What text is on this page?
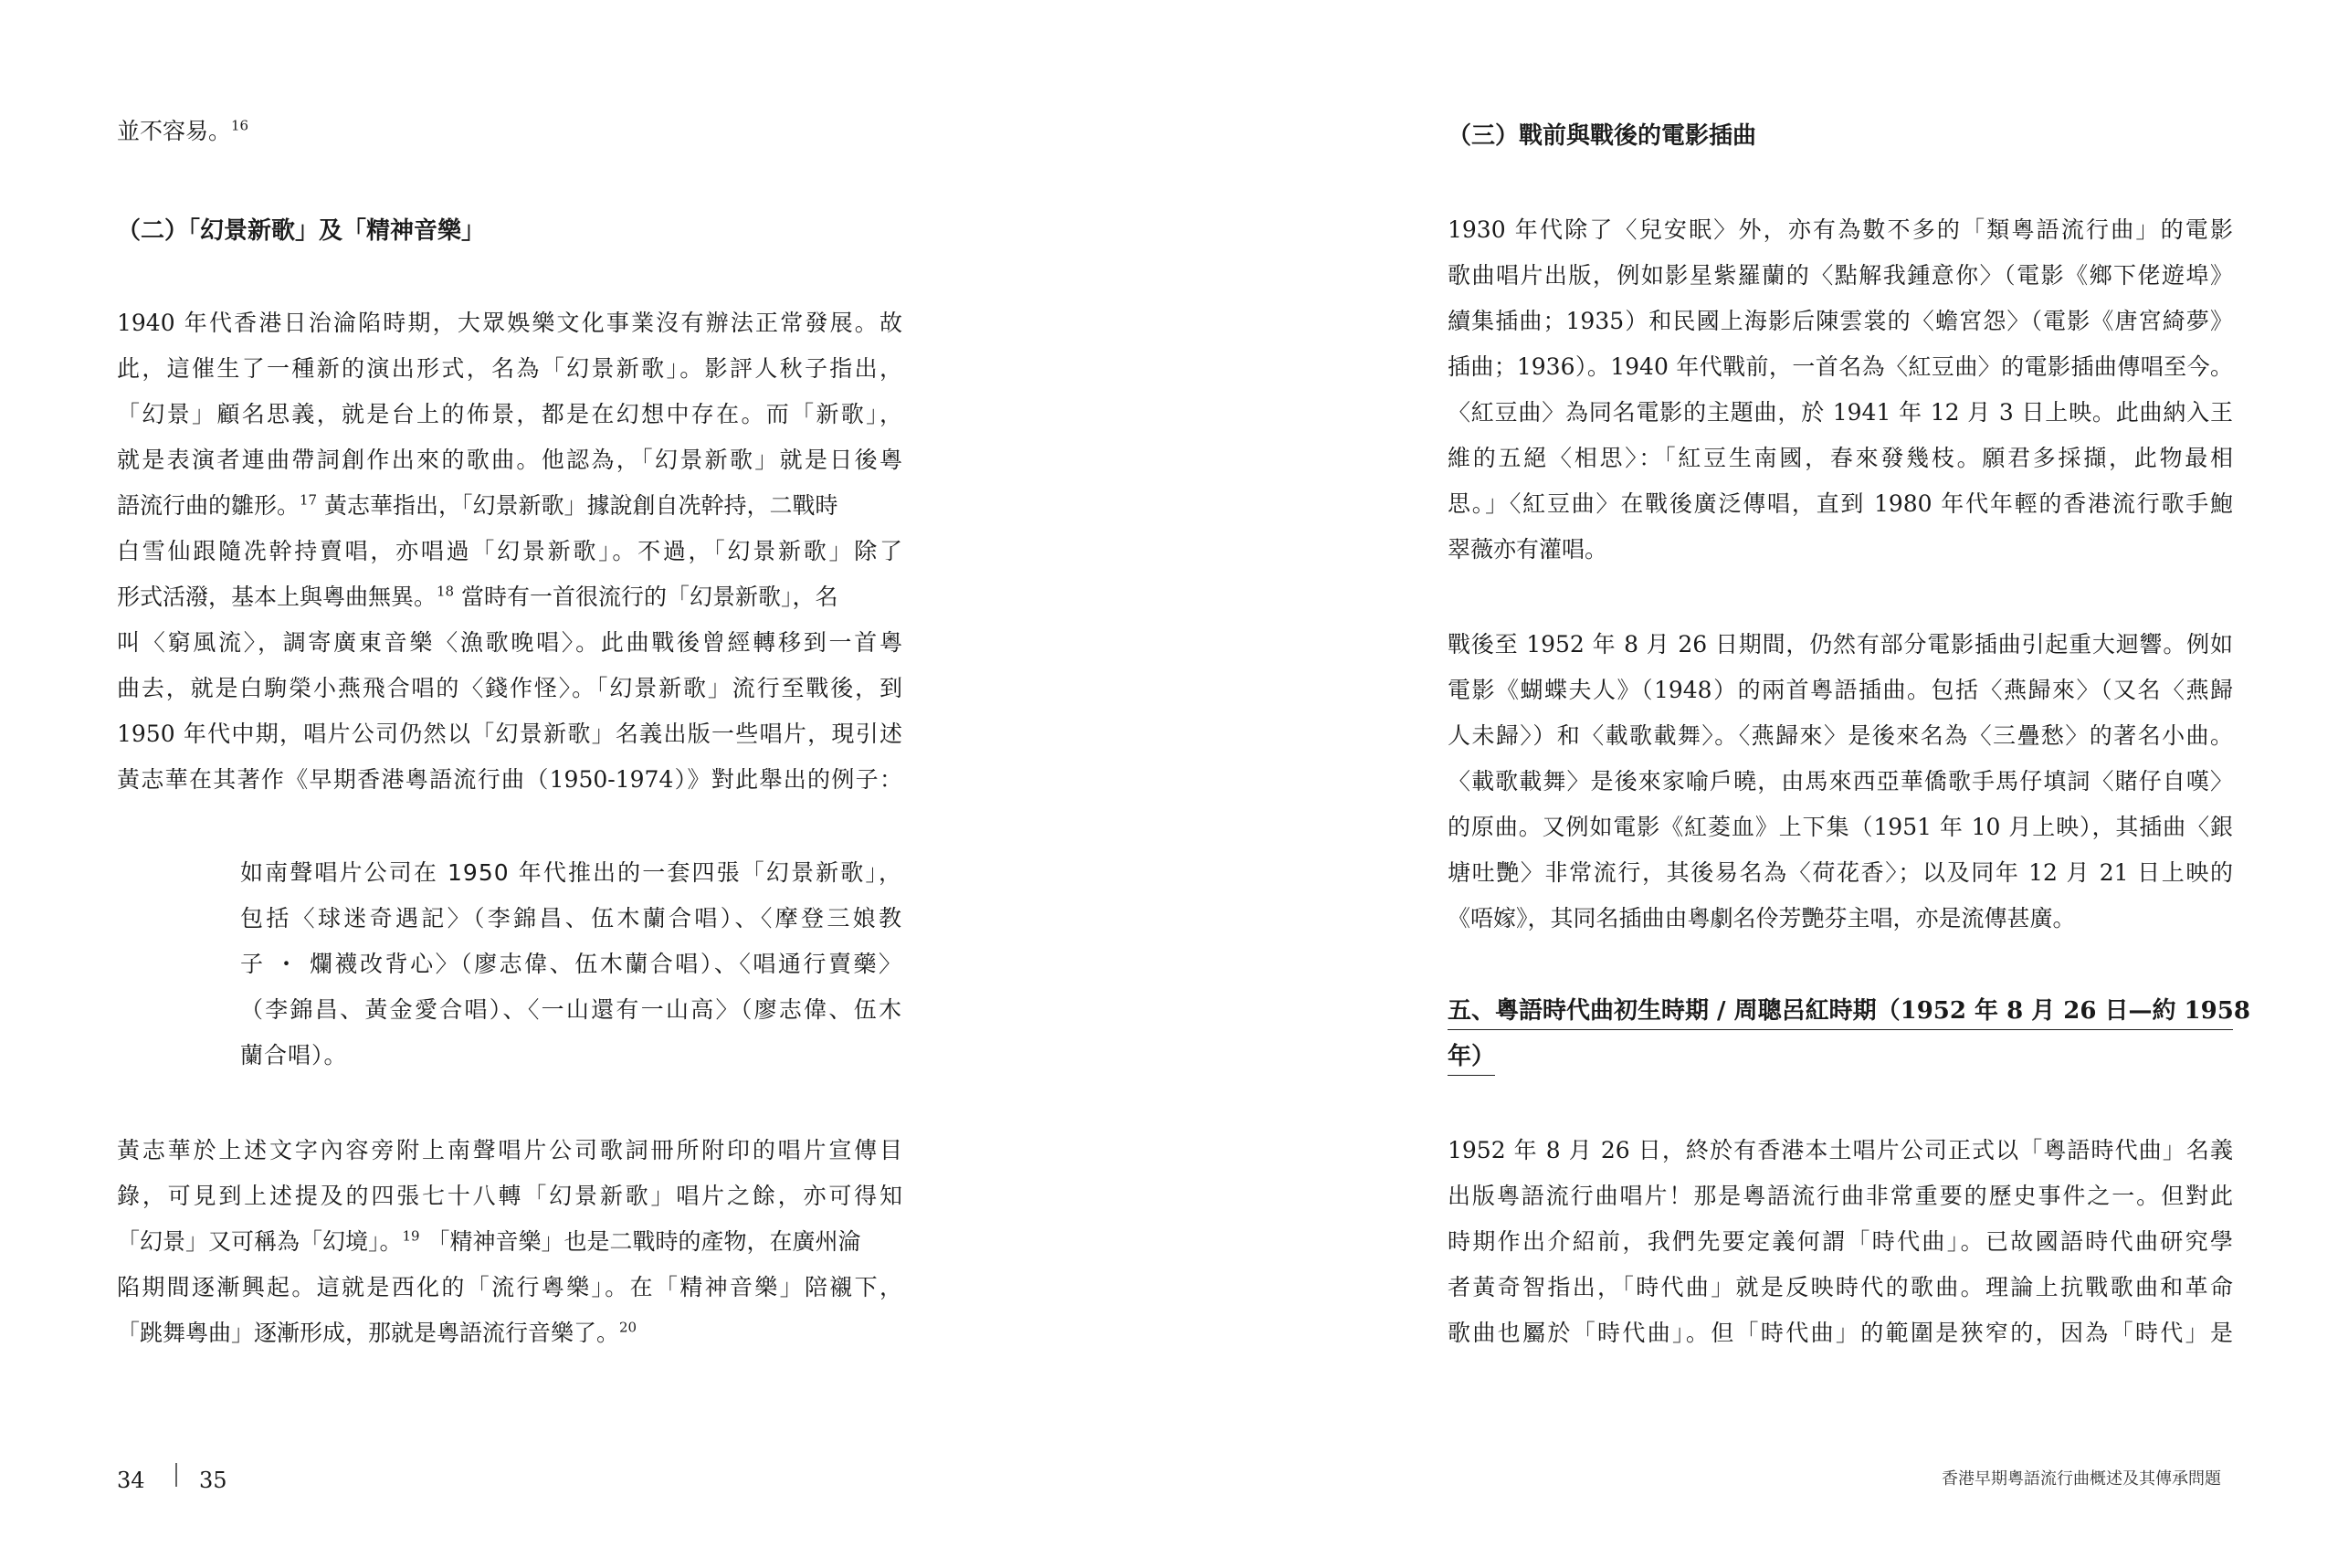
並不容易。$^{16}$
（二）「幻景新歌」及「精神音樂」
1940 年代香港日治淪陷時期，大眾娛樂文化事業沒有辦法正常發展。故
此，這催生了一種新的演出形式，名為「幻景新歌」。影評人秋子指出，
「幻景」顧名思義，就是台上的佈景，都是在幻想中存在。而「新歌」，
就是表演者連曲帶詞創作出來的歌曲。他認為，「幻景新歌」就是日後粵
語流行曲的雛形。$^{17}$ 黃志華指出，「幻景新歌」據說創自冼幹持，二戰時
白雪仙跟隨冼幹持賣唱，亦唱過「幻景新歌」。不過，「幻景新歌」除了
形式活潑，基本上與粵曲無異。$^{18}$ 當時有一首很流行的「幻景新歌」，名
叫〈窮風流〉，調寄廣東音樂〈漁歌晚唱〉。此曲戰後曾經轉移到一首粵
曲去，就是白駒榮小燕飛合唱的〈錢作怪〉。「幻景新歌」流行至戰後，到
1950 年代中期，唱片公司仍然以「幻景新歌」名義出版一些唱片，現引述
黃志華在其著作《早期香港粵語流行曲（1950-1974）》對此舉出的例子：
如南聲唱片公司在 1950 年代推出的一套四張「幻景新歌」，
包括〈球迷奇遇記〉（李錦昌、伍木蘭合唱）、〈摩登三娘教
子 ・ 爛襪改背心〉（廖志偉、伍木蘭合唱）、〈唱通行賣藥〉
（李錦昌、黃金愛合唱）、〈一山還有一山高〉（廖志偉、伍木
蘭合唱）。
黃志華於上述文字內容旁附上南聲唱片公司歌詞冊所附印的唱片宣傳目
錄，可見到上述提及的四張七十八轉「幻景新歌」唱片之餘，亦可得知
「幻景」又可稱為「幻境」。$^{19}$ 「精神音樂」也是二戰時的產物，在廣州淪
陷期間逐漸興起。這就是西化的「流行粵樂」。在「精神音樂」陪襯下，
「跳舞粵曲」逐漸形成，那就是粵語流行音樂了。$^{20}$
34 35
（三）戰前與戰後的電影插曲
1930 年代除了〈兒安眠〉外，亦有為數不多的「類粵語流行曲」的電影
歌曲唱片出版，例如影星紫羅蘭的〈點解我鍾意你〉（電影《鄉下佬遊埠》
續集插曲；1935）和民國上海影后陳雲裳的〈蟾宮怨〉（電影《唐宮綺夢》
插曲；1936）。1940 年代戰前，一首名為〈紅豆曲〉的電影插曲傳唱至今。
〈紅豆曲〉為同名電影的主題曲，於 1941 年 12 月 3 日上映。此曲納入王
維的五絕〈相思〉：「紅豆生南國，春來發幾枝。願君多採擷，此物最相
思。」〈紅豆曲〉在戰後廣泛傳唱，直到 1980 年代年輕的香港流行歌手鮑
翠薇亦有灌唱。
戰後至 1952 年 8 月 26 日期間，仍然有部分電影插曲引起重大迴響。例如
電影《蝴蝶夫人》（1948）的兩首粵語插曲。包括〈燕歸來〉（又名〈燕歸
人未歸〉）和〈載歌載舞〉。〈燕歸來〉是後來名為〈三疊愁〉的著名小曲。
〈載歌載舞〉是後來家喻戶曉，由馬來西亞華僑歌手馬仔填詞〈賭仔自嘆〉
的原曲。又例如電影《紅菱血》上下集（1951 年 10 月上映），其插曲〈銀
塘吐艷〉非常流行，其後易名為〈荷花香〉；以及同年 12 月 21 日上映的
《唔嫁》，其同名插曲由粵劇名伶芳艷芬主唱，亦是流傳甚廣。
五、粵語時代曲初生時期 / 周聰呂紅時期（1952 年 8 月 26 日—約 1958
年）
1952 年 8 月 26 日，終於有香港本土唱片公司正式以「粵語時代曲」名義
出版粵語流行曲唱片！那是粵語流行曲非常重要的歷史事件之一。但對此
時期作出介紹前，我們先要定義何謂「時代曲」。已故國語時代曲研究學
者黃奇智指出，「時代曲」就是反映時代的歌曲。理論上抗戰歌曲和革命
歌曲也屬於「時代曲」。但「時代曲」的範圍是狹窄的，因為「時代」是
香港早期粵語流行曲概述及其傳承問題
